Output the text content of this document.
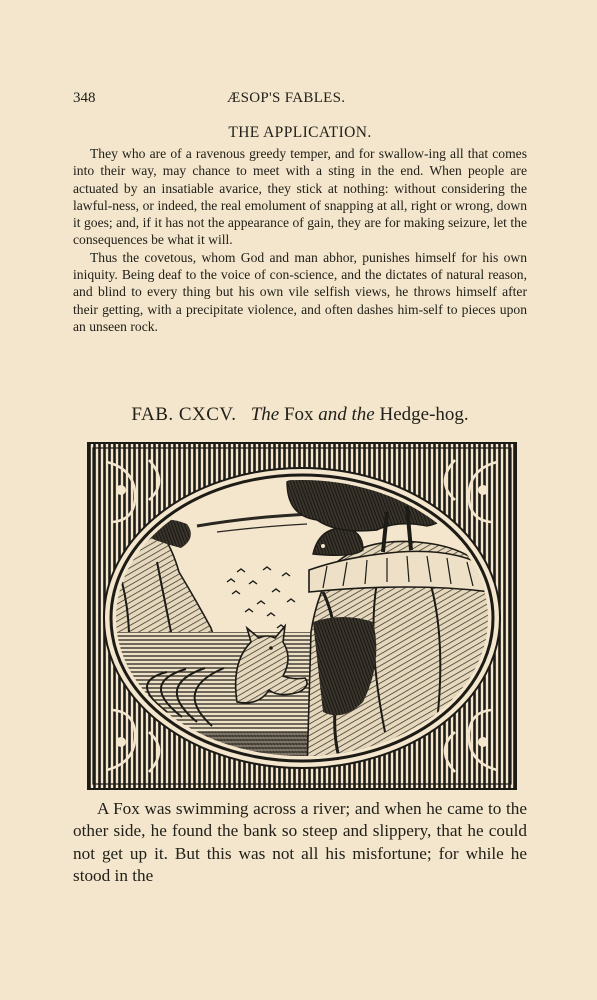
348	ÆSOP'S FABLES.
THE APPLICATION.

They who are of a ravenous greedy temper, and for swallow-ing all that comes into their way, may chance to meet with a sting in the end. When people are actuated by an insatiable avarice, they stick at nothing: without considering the lawful-ness, or indeed, the real emolument of snapping at all, right or wrong, down it goes; and, if it has not the appearance of gain, they are for making seizure, let the consequences be what it will.

Thus the covetous, whom God and man abhor, punishes himself for his own iniquity. Being deaf to the voice of con-science, and the dictates of natural reason, and blind to every thing but his own vile selfish views, he throws himself after their getting, with a precipitate violence, and often dashes him-self to pieces upon an unseen rock.

FAB. CXCV. The Fox and the Hedge-hog.

A Fox was swimming across a river; and when he came to the other side, he found the bank so steep and slippery, that he could not get up it. But this was not all his misfortune; for while he stood in the
